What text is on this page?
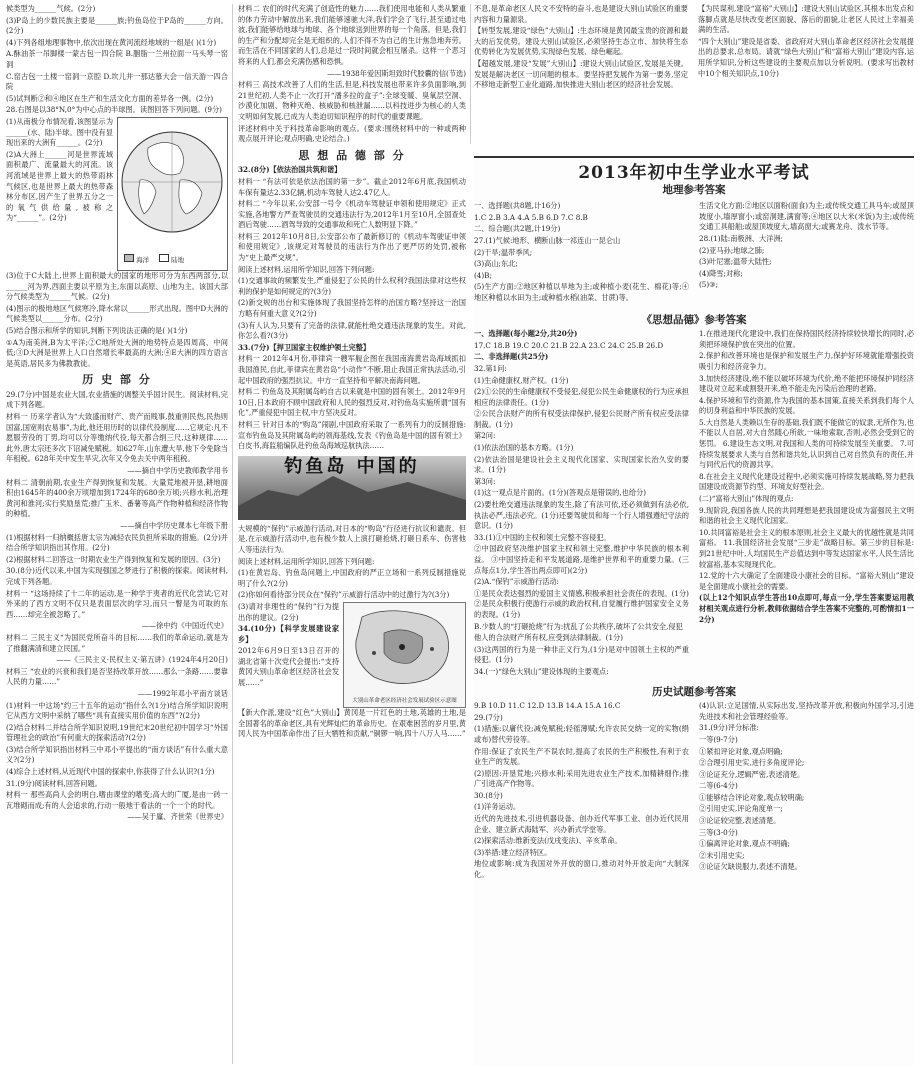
候类型为______气候。(2分)

(3)P岛上的少数民族主要是______族;钓鱼岛位于P岛的______方向。(2分)

(4)下列各组地理事物中,依次出现在黄河流经地域的一组是( )(1分)

A.酥油茶一吊脚楼一蒙古包一四合院 B.胭脂一兰州拉面一马头琴一窑洞

C.窑古包一土楼一窑洞一京腔 D.坎儿井一那达慕大会一信天游一四合院

(5)试判断②和④地区在生产和生活文化方面的差异各一例。(2分)

28.右图是以38°N,0°为中心点的半球图。读图回答下列问题。(9分)

(1)从南极分布情况看,该图显示为______(水、陆)半球。图中没有显现出来的大洲有______。(2分)

(2)A大洲上______河是世界流域面积最广、流量最大的河流。该河流域是世界上最大的热带雨林气候区,也是世界上最大的热带森林分布区,因产生了世界五分之一的氧气供给量,被称之为“______”。(2分)

海洋	陆地

(3)位于C大陆上,世界上面积最大的国家的地形可分为东西两部分,以______河为界,西面主要以平原为主,东面以高原、山地为主。该国大部分气候类型为______气候。(2分)

(4)图示的极地地区气候寒冷,降水常以______形式出现。图中D大洲的气候类型以______分布。(2分)

(5)结合图示和所学的知识,判断下列说法正确的是( )(1分)

①A为南美洲,B为太平洋;②C地所处大洲的地势特点是四周高、中间低;③D大洲是世界上人口自然增长率最高的大洲;④E大洲的四方语言是英语,居民多为佛教教徒。

历 史 部 分

29.(7分)中国是农业大国,农业措施的调整关乎国计民生。阅读材料,完成下列各题。

材料一 历来学者认为“大致盛而财产、贵产而贱事,鼓重则民热,民热则国富,国宽则农易事”,为此,他还用历时的以律代役制度……它规定:凡不愿服劳役的丁男,均可以分等缴纳代役,每天都合绢三尺,这种规律……此外,唐太宗还多次下诏减免赋税。如627年,山东遭大旱,他下令免除当年租税。628年关中发生旱灾,次年又令免去关中两年租税。

——摘自中学历史教师教学用书

材料二 清朝前期,农业生产得到恢复和发展。大量荒地被开垦,耕地面积由1645年的400余万顷增加到1724年的680余万顷;兴修水利,治理黄河和淮河;实行奖励垦荒;推广玉米、番薯等高产作物种植和经济作物的种植。

——摘自中学历史课本七年级下册

(1)根据材料一归纳概括唐太宗为减轻农民负担所采取的措施。(2分)并结合所学知识指出其作用。(2分)

(2)根据材料二回答这一时期农业生产得到恢复和发展的原因。(3分)

30.(8分)近代以来,中国为实现强国之梦进行了积极的探索。阅读材料,完成下列各题。

材料一 “这场持续了十二年的运动,是一种学于夷者的近代化尝试;它对外来的了西方文明不仅只是表面层次的学习,而只一瞥是为可取的东西……却完全被忽略了。”

——徐中约《中国近代史》

材料二 三民主义“为国民党所奋斗的目标……我们的革命运动,就是为了推翻满清和建立民国。”

——《三民主义·民权主义·第五讲》(1924年4月20日)

材料三 “农业的兴衰和我们是否坚持改革开放……那么一条路……要靠人民的力量……”

——1992年邓小平南方谈话

(1)材料一中这场“约三十五年的运动”指什么?(1分)结合所学知识说明它从西方文明中采纳了哪些“具有直接实用价值的东西”?(2分)

(2)结合材料二并结合所学知识说明,19世纪末20世纪初中国学习“外国管理社会的政治”有何重大的探索活动?(2分)

(3)结合所学知识指出材料三中邓小平提出的“南方谈话”有什么重大意义?(2分)

(4)综合上述材料,从近现代中国的探索中,你获得了什么认识?(1分)

31.(9分)阅读材料,回答问题。

材料一 那些高尚人会的明白,嗜由课堂的嗜变;高大的广厦,是由一砖一瓦堆砌而成;有的人会追求的,行动一般地于看法的一个一个的时代。

——吴于廑、齐世荣《世界史》

材料二 农们的时代充满了创造性的魅力……我们使用电能和人类从繁重的体力劳动中解放出来,我们能够速驰大洋,我们学会了飞行,甚至通过电波,我们能够给地球与地球、各个地球送到世界的每一个角落。但是,我们的生产和分配却完全是无组织的,人们不得不为自己的生计焦急地奔劳。而生活在不同国家的人们,总是过一段时间就会相互屠杀。这样一个恶习将来的人们,都会充满伤感和恐惧。

——1938年爱因斯坦致时代胶囊的信(节选)

材料三 高技术改善了人们的生活,但是,科技发展也带来许多负面影响,到21世纪初,人类不止一次打开“潘多拉的盒子”:全球变暖、臭氧层空洞、沙漠化加剧、物种灭绝、核威胁和核泄漏……以科技进步为核心的人类文明如何发展,已成为人类迫切知识程序的时代的重要课题。

评述材料中关于科技革命影响的观点。(要求:围绕材料中的一种或两种观点展开评论;观点明确,史论结合。)

思 想 品 德 部 分

32.(8分)【依法治国共筑和谐】

材料一 “有法可依是依法治国的第一步”。截止2012年6月底,我国机动车保有量达2.33亿辆,机动车驾驶人达2.47亿人。

材料二 “今年以来,公安部一号令《机动车驾驶证申领和使用规定》正式实施,各地警方严查驾驶员的交通违法行为,2012年1月至10月,全国查处酒后驾驶……酒驾导致的交通事故和死亡人数明显下降。”

材料三 2012年10月8日,公安部公布了最新修订的《机动车驾驶证申领和使用规定》,该规定对驾驶员的违法行为作出了更严厉的处罚,被称为“史上最严交规”。

阅读上述材料,运用所学知识,回答下列问题:

(1)交通事故的频繁发生,严重侵犯了公民的什么权利?我国法律对这些权利的保护是如何规定的?(3分)

(2)新交规的出台和实施体现了我国坚持怎样的治国方略?坚持这一治国方略有何重大意义?(2分)

(3)有人认为,只要有了完备的法律,就能杜绝交通违法现象的发生。对此,你怎么看?(3分)

33.(7分)【捍卫国家主权维护领土完整】

材料一 2012年4月份,菲律宾一艘军舰企图在我国南海黄岩岛海域抓扣我国渔民,自此,菲律宾在黄岩岛“小动作”不断,阻止我国正常执法活动,引起中国政府的强烈抗议。中方一直坚持和平解决南海问题。

材料二 钓鱼岛及其附属岛屿自古以来就是中国的固有领土。2012年9月10日,日本政府不顾中国政府和人民的强烈反对,对钓鱼岛实施所谓“国有化”,严重侵犯中国主权,中方坚决反对。

材料三 针对日本的“购岛”闹剧,中国政府采取了一系列有力的反制措施:宣布钓鱼岛及其附属岛屿的领海基线,发表《钓鱼岛是中国的固有领土》白皮书,海监船编队赴钓鱼岛海域巡航执法……

钓鱼岛 中国的

大规模的“保钓”示威游行活动,对日本的“购岛”行径进行抗议和谴责。但是,在示威游行活动中,也有极少数人上演打砸抢烧,打砸日系车、伤害他人等违法行为。

阅读上述材料,运用所学知识,回答下列问题:

(1)在黄岩岛、钓鱼岛问题上,中国政府的严正立场和一系列反制措施说明了什么?(2分)

(2)你如何看待部分民众在“保钓”示威游行活动中的过激行为?(3分)

(3)请对非理性的“保钓”行为提出你的建议。(2分)

34.(10分)【科学发展建设家乡】

2012年6月9日至13日召开的湖北省第十次党代会提出:“支持黄冈大别山革命老区经济社会发展……”

大别山革命老区经济社会发展试验区示意图

【新大作派,建设“红色”大别山】黄冈是一片红色的土地,英雄的土地,是全国著名的革命老区,具有光辉灿烂的革命历史。在艰难困苦的岁月里,黄冈人民为中国革命作出了巨大牺牲和贡献,“铜锣一响,四十八万人马……”

不息,是革命老区人民文不安特的奋斗,也是建设大别山试验区的重要内容和力量源泉。

【转型发展,建设“绿色”大别山】:生态环境是黄冈最宝贵的资源和最大的后发优势。建设大别山试验区,必须坚持生态立市、加快将生态优势转化为发展优势,实现绿色发展、绿色崛起。

【超越发展,建设“发展”大别山】:建设大别山试验区,发展是关键。发展是解决老区一切问题的根本。要坚持把发展作为第一要务,坚定不移地走新型工业化道路,加快推进大别山老区的经济社会发展。

【为民谋利,建设“富裕”大别山】:建设大别山试验区,其根本出发点和落脚点就是尽快改变老区面貌、落后的面貌,让老区人民过上幸福美满的生活。

“四个大别山”建设是省委、省政府对大别山革命老区经济社会发展提出的总要求,总布局。请就“绿色大别山”和“富裕大别山”建设内容,运用所学知识,分析这些建设的主要观点加以分析说明。(要求写出教材中10个相关知识点,10分)

2013年初中生学业水平考试
地理参考答案

一、选择题(共8题,计16分)

1.C 2.B 3.A 4.A 5.B 6.D 7.C 8.B

二、综合题(共2题,计19分)

27.(1)气候:地形、横断山脉一祁连山一昆仑山

(2)干旱;温带季风;

(3)高山;东北;

(4)B;

(5)生产方面:②地区种植以旱地为主;或种植小麦(花生、棉花)等;④地区种植以水田为主;或种植水稻(油菜、甘蔗)等。

生活文化方面:②地区以面粉(面食)为主;或传统交通工具马车;或屋顶坡度小,墙厚窗小;或窑洞建,满窗等;④地区以大米(米饭)为主;或传统交通工具船舶;或屋顶坡度大,墙高窗大;或赛龙舟、泼水节等。

28.(1)陆:南极洲、大洋洲;

(2)亚马孙;地球之肺;

(3)叶尼塞;温带大陆性;

(4)降雪;对称;

(5)③;

《思想品德》参考答案

一、选择题(每小题2分,共20分)

17.C 18.B 19.C 20.C 21.B 22.A 23.C 24.C 25.B 26.D

二、非选择题(共25分)

32.第1问:

(1)生命健康权,财产权。(1分)

(2)①公民的生命健康权不受侵犯,侵犯公民生命健康权的行为应承担相应的法律责任。(1分)

②公民合法财产的所有权受法律保护,侵犯公民财产所有权应受法律制裁。(1分)

第2问:

(1)依法治国的基本方略。(1分)

(2)依法治国是建设社会主义现代化国家、实现国家长治久安的要求。(1分)

第3问:

(1)这一观点是片面的。(1分)(答观点是错误的,也给分)

(2)要杜绝交通违法现象的发生,除了有法可依,还必须做到有法必依,执法必严,违法必究。(1分)还要驾驶员和每一个行人增强遵纪守法的意识。(1分)

33.(1)①中国的主权和领土完整不容侵犯。

②中国政府坚决维护国家主权和领土完整,维护中华民族的根本利益。 ③中国坚持走和平发展道路,是维护世界和平的重要力量。(三点每点1分,学生答出两点即可)(2分)

(2)A.“保钓”示威游行活动:

①是民众表达强烈的爱国主义情感,积极承担社会责任的表现。(1分) ②是民众积极行使游行示威的政治权利,自觉履行维护国家安全义务的表现。(1分)

B.少数人的“打砸抢烧”行为:扰乱了公共秩序,破坏了公共安全,侵犯

他人的合法财产所有权,应受到法律制裁。(1分)

(3)这两国的行为是一种非正义行为,(1分)是对中国领土主权的严重侵犯。(1分)

34.(一)“绿色大别山”建设体现的主要观点:

1.在推进现代化建设中,我们在保持国民经济持续较快增长的同时,必须把环境保护放在突出的位置。

2.保护和改善环境也是保护和发展生产力,保护好环境就能增强投资吸引力和经济竞争力。

3.加快经济建设,绝不能以破坏环境为代价,绝不能把环境保护同经济建设对立起来或割裂开来,绝不能走先污染后治理的老路。

4.保护环境和节约资源,作为我国的基本国策,直接关系到我们每个人的切身利益和中华民族的发展。

5.大自然是人类赖以生存的基础,我们既不能做它的奴隶,无所作为,也不能以人自居,对大自然随心所欲,一味地索取,否则,必然会受到它的惩罚。 6.建设生态文明,对我国和人类的可持续发展至关重要。 7.可持续发展要求人类与自然和谐共处,认识到自己对自然负有的责任,并与同代后代的资源共享。

8.在社会主义现代化建设过程中,必须实施可持续发展战略,努力把我国建设成资源节约型、环境友好型社会。

(二)“富裕大别山”体现的观点:

9.现阶段,我国各族人民的共同理想是把我国建设成为富强民主文明和谐的社会主义现代化国家。

10.共同富裕是社会主义的根本原则,社会主义最大的优越性就是共同富裕。 11.我国经济社会发展“三步走”战略目标。第三步的目标是:到21世纪中叶,人均国民生产总值达到中等发达国家水平,人民生活比较富裕,基本实现现代化。

12.党的十六大确定了全面建设小康社会的目标。“富裕大别山”建设是全面建成小康社会的需要。

(以上12个知识点学生答出10点即可,每点一分,学生答案要运用教材相关观点进行分析,教师依据结合学生答案不完整的,可酌情扣1一2分)

历史试题参考答案

9.B 10.D 11.C 12.D 13.B 14.A 15.A 16.C

29.(7分)

(1)措施:以庸代役;减免赋税;轻徭薄赋;允许农民交纳一定的实物(绢或布)替代劳役等。

作用:保证了农民生产不误农时,提高了农民的生产积极性,有利于农业生产的发展。

(2)原因:开垦荒地;兴修水利;采用先进农业生产技术,加精耕细作;推广引进高产作物等。

30.(8分)

(1)洋务运动。

近代的先进技术,引进机器设备、创办近代军事工业、创办近代民用企业、建立新式海陆军、兴办新式学堂等。

(2)探索活动:维新变法(戊戌变法)、辛亥革命。

(3)举措:建立经济特区。

地位或影响:成为我国对外开放的窗口,推动对外开放走向“大制深化。

(4)认识:立足国情,从实际出发,坚持改革开放,积极向外国学习,引进先进技术和社会管理经验等。

31.(9分)评分标准:

一等(9-7分)

①紧扣评论对象,观点明确;

②合理引用史实,进行多角度评论;

③论证充分,逻辑严密,表述清楚。

二等(6-4分)

①能够结合评论对象,观点较明确;

②引用史实,评论角度单一;

③论证较完整,表述清楚。

三等(3-0分)

①偏离评论对象,观点不明确;

②未引用史实;

③论证欠缺说服力,表述不清楚。
